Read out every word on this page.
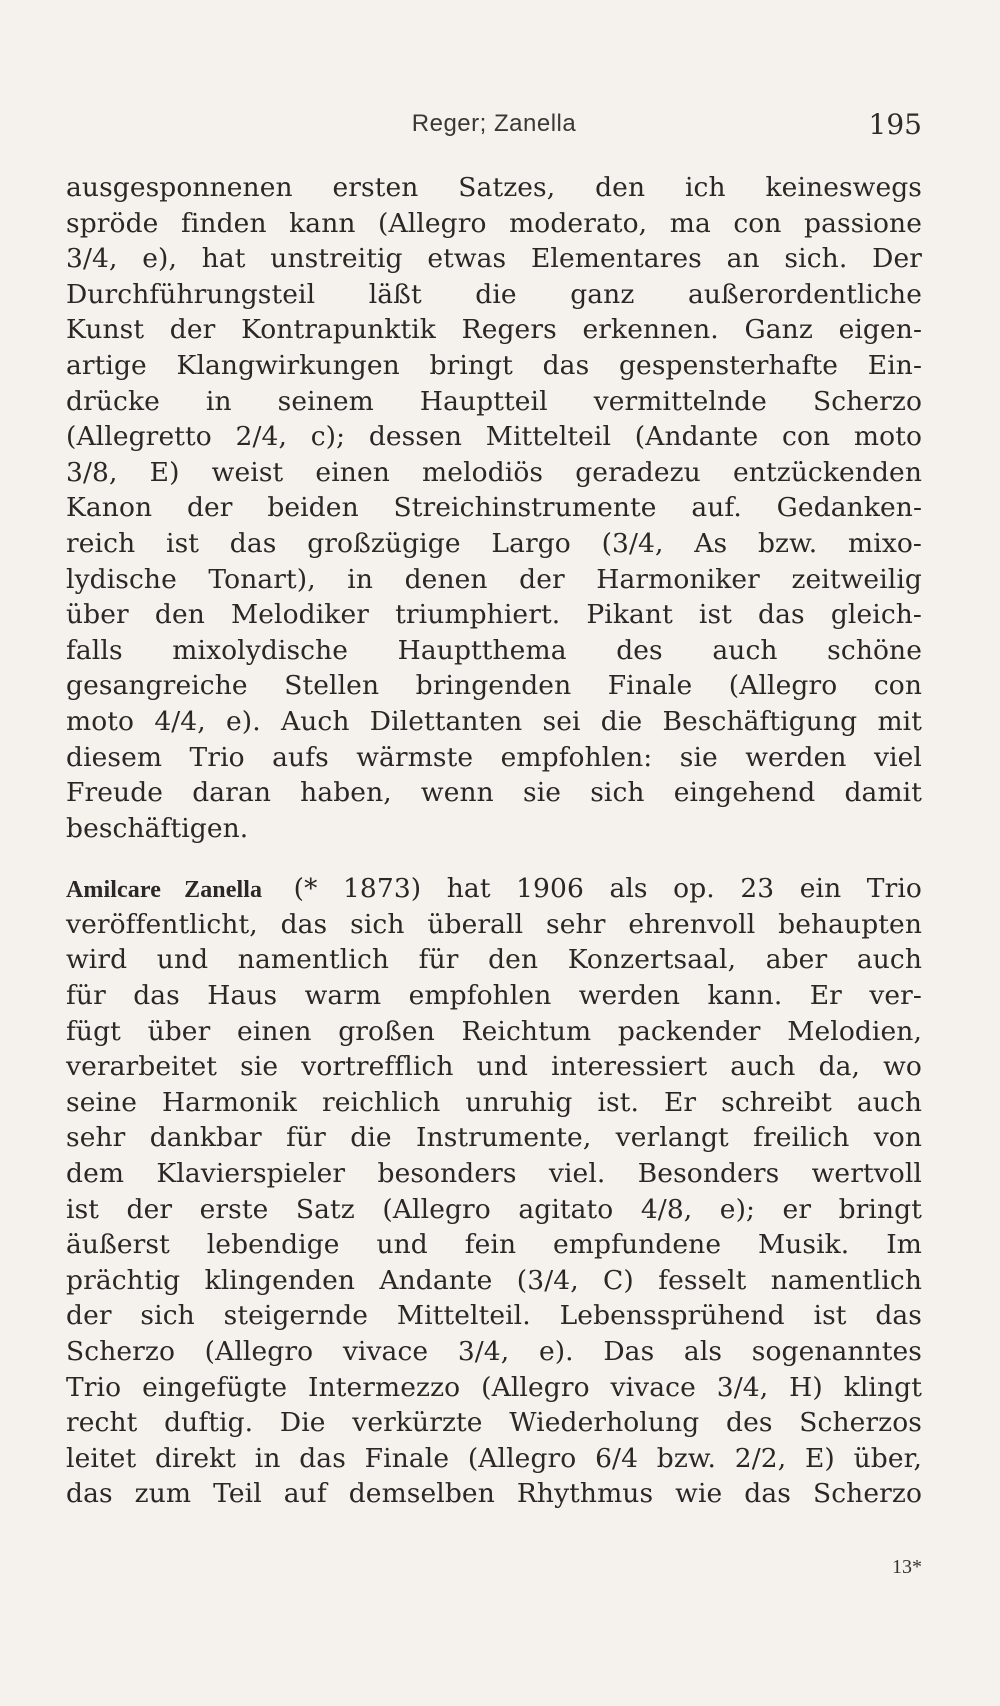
Reger; Zanella	195
ausgesponnenen ersten Satzes, den ich keineswegs
spröde finden kann (Allegro moderato, ma con passione
3/4, e), hat unstreitig etwas Elementares an sich. Der
Durchführungsteil läßt die ganz außerordentliche
Kunst der Kontrapunktik Regers erkennen. Ganz eigen-
artige Klangwirkungen bringt das gespensterhafte Ein-
drücke in seinem Hauptteil vermittelnde Scherzo
(Allegretto 2/4, c); dessen Mittelteil (Andante con moto
3/8, E) weist einen melodiös geradezu entzückenden
Kanon der beiden Streichinstrumente auf. Gedanken-
reich ist das großzügige Largo (3/4, As bzw. mixo-
lydische Tonart), in denen der Harmoniker zeitweilig
über den Melodiker triumphiert. Pikant ist das gleich-
falls mixolydische Hauptthema des auch schöne
gesangreiche Stellen bringenden Finale (Allegro con
moto 4/4, e). Auch Dilettanten sei die Beschäftigung mit
diesem Trio aufs wärmste empfohlen: sie werden viel
Freude daran haben, wenn sie sich eingehend damit
beschäftigen.
Amilcare Zanella (* 1873) hat 1906 als op. 23 ein Trio
veröffentlicht, das sich überall sehr ehrenvoll behaupten
wird und namentlich für den Konzertsaal, aber auch
für das Haus warm empfohlen werden kann. Er ver-
fügt über einen großen Reichtum packender Melodien,
verarbeitet sie vortrefflich und interessiert auch da, wo
seine Harmonik reichlich unruhig ist. Er schreibt auch
sehr dankbar für die Instrumente, verlangt freilich von
dem Klavierspieler besonders viel. Besonders wertvoll
ist der erste Satz (Allegro agitato 4/8, e); er bringt
äußerst lebendige und fein empfundene Musik. Im
prächtig klingenden Andante (3/4, C) fesselt namentlich
der sich steigernde Mittelteil. Lebenssprühend ist das
Scherzo (Allegro vivace 3/4, e). Das als sogenanntes
Trio eingefügte Intermezzo (Allegro vivace 3/4, H) klingt
recht duftig. Die verkürzte Wiederholung des Scherzos
leitet direkt in das Finale (Allegro 6/4 bzw. 2/2, E) über,
das zum Teil auf demselben Rhythmus wie das Scherzo
13*
